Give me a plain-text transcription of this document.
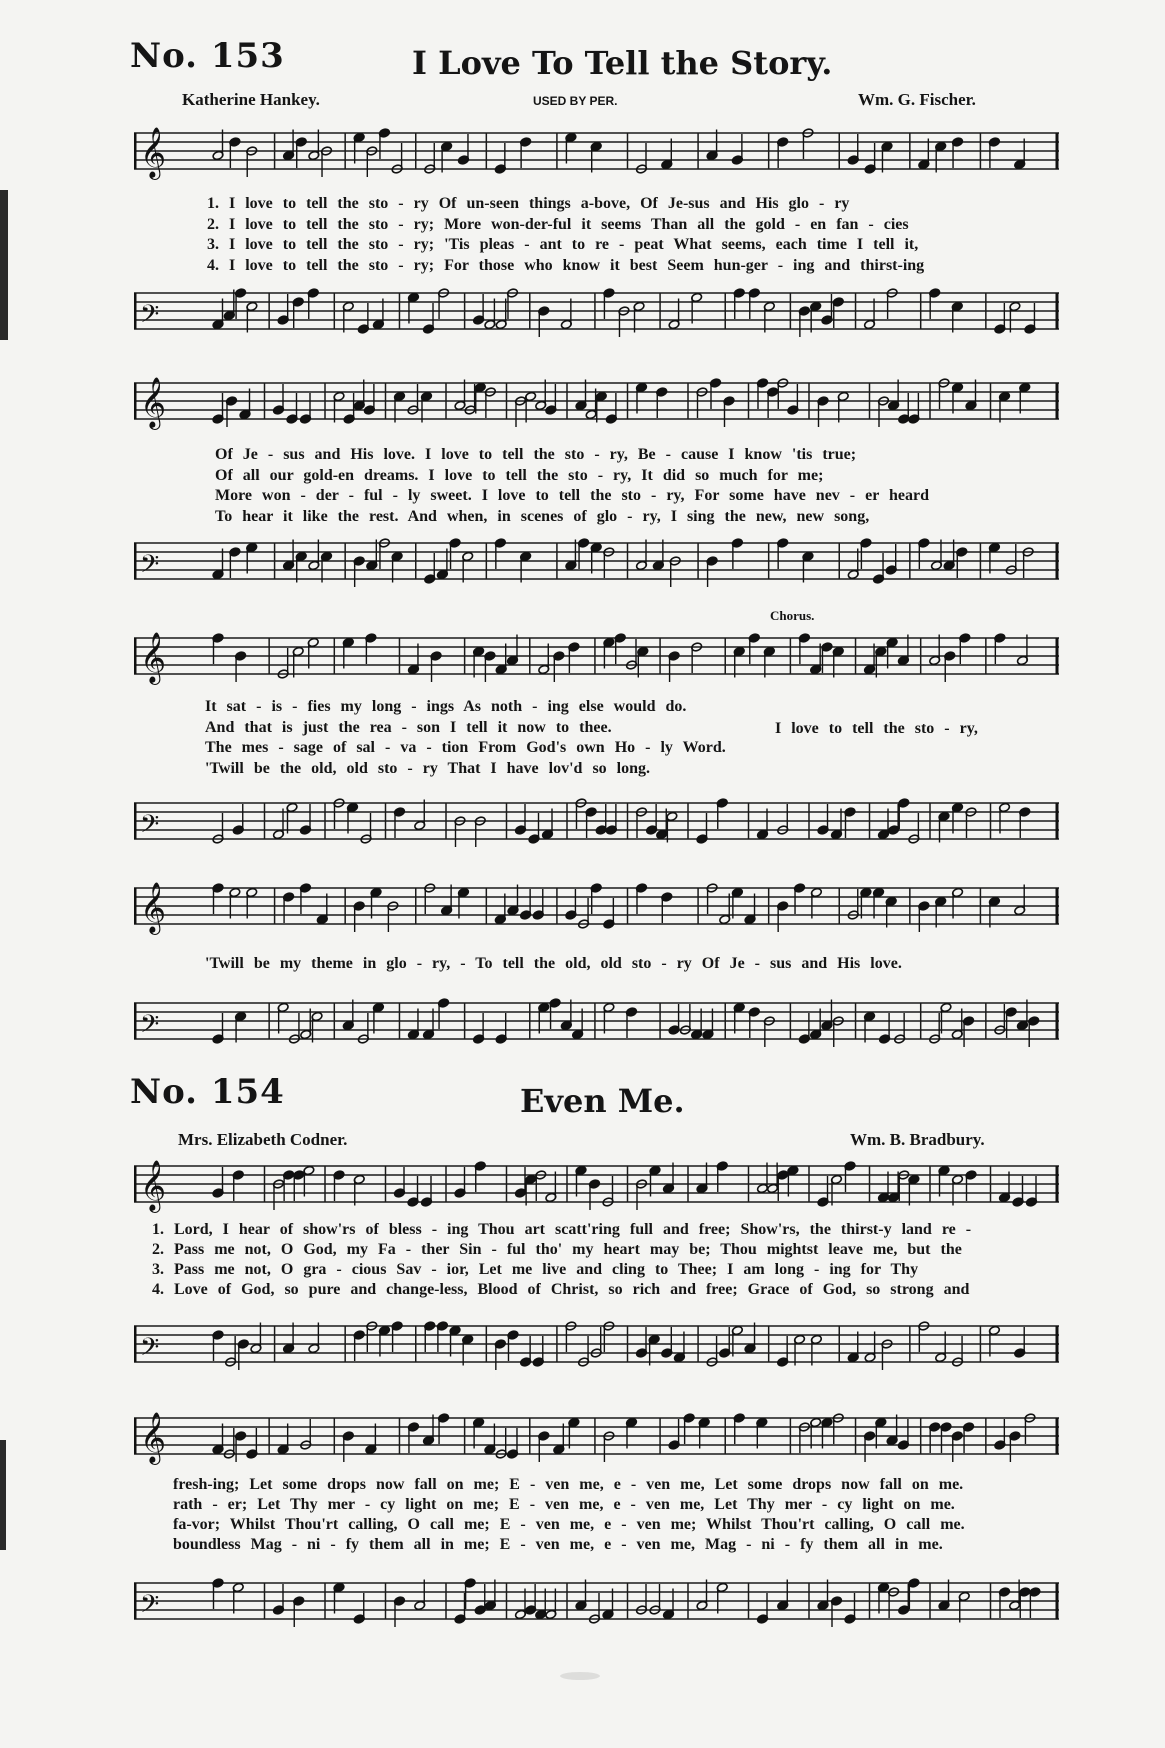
No. 153	I Love To Tell the Story.
Katherine Hankey.	USED BY PER.	Wm. G. Fischer.
𝄞
1. I love to tell the sto - ry Of un-seen things a-bove, Of Je-sus and His glo - ry
2. I love to tell the sto - ry; More won-der-ful it seems Than all the gold - en fan - cies
3. I love to tell the sto - ry; 'Tis pleas - ant to re - peat What seems, each time I tell it,
4. I love to tell the sto - ry; For those who know it best Seem hun-ger - ing and thirst-ing
𝄢
𝄞
Of Je - sus and His love. I love to tell the sto - ry, Be - cause I know 'tis true;
Of all our gold-en dreams. I love to tell the sto - ry, It did so much for me;
More won - der - ful - ly sweet. I love to tell the sto - ry, For some have nev - er heard
To hear it like the rest. And when, in scenes of glo - ry, I sing the new, new song,
𝄢
Chorus.
𝄞
It sat - is - fies my long - ings As noth - ing else would do.
And that is just the rea - son I tell it now to thee.
The mes - sage of sal - va - tion From God's own Ho - ly Word.
'Twill be the old, old sto - ry That I have lov'd so long.
I love to tell the sto - ry,
𝄢
𝄞
'Twill be my theme in glo - ry, - To tell the old, old sto - ry Of Je - sus and His love.
𝄢
No. 154	Even Me.
Mrs. Elizabeth Codner.	Wm. B. Bradbury.
𝄞
1. Lord, I hear of show'rs of bless - ing Thou art scatt'ring full and free; Show'rs, the thirst-y land re -
2. Pass me not, O God, my Fa - ther Sin - ful tho' my heart may be; Thou mightst leave me, but the
3. Pass me not, O gra - cious Sav - ior, Let me live and cling to Thee; I am long - ing for Thy
4. Love of God, so pure and change-less, Blood of Christ, so rich and free; Grace of God, so strong and
𝄢
𝄞
fresh-ing; Let some drops now fall on me; E - ven me, e - ven me, Let some drops now fall on me.
rath - er; Let Thy mer - cy light on me; E - ven me, e - ven me, Let Thy mer - cy light on me.
fa-vor; Whilst Thou'rt calling, O call me; E - ven me, e - ven me; Whilst Thou'rt calling, O call me.
boundless Mag - ni - fy them all in me; E - ven me, e - ven me, Mag - ni - fy them all in me.
𝄢
